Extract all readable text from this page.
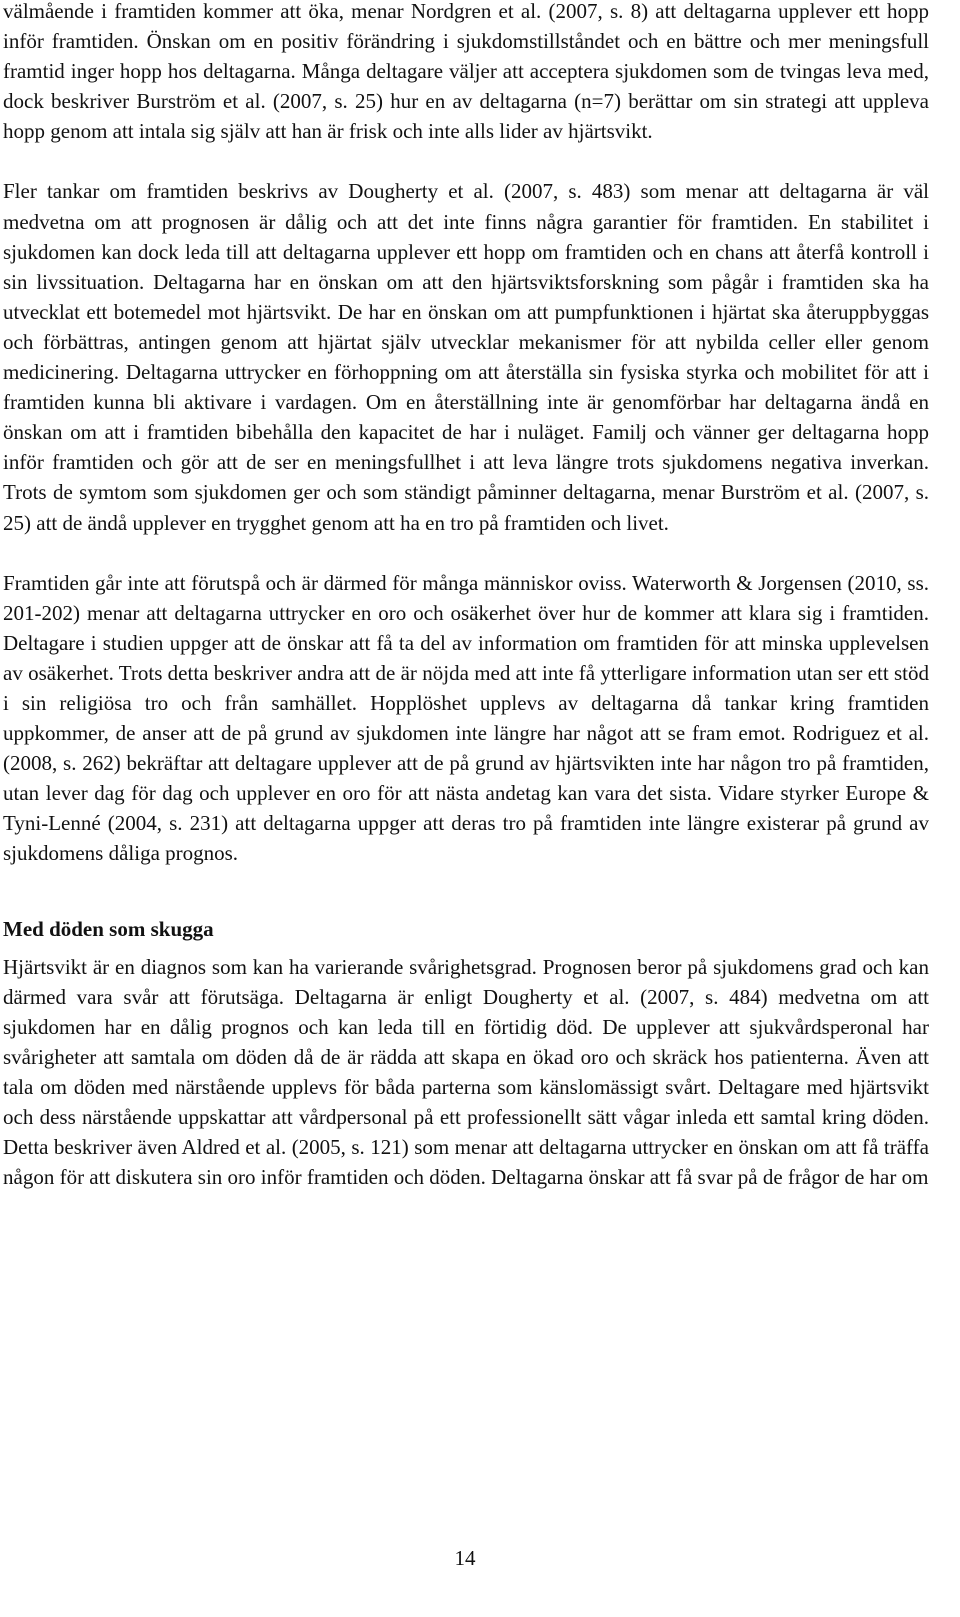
välmående i framtiden kommer att öka, menar Nordgren et al. (2007, s. 8) att deltagarna upplever ett hopp inför framtiden. Önskan om en positiv förändring i sjukdomstillståndet och en bättre och mer meningsfull framtid inger hopp hos deltagarna. Många deltagare väljer att acceptera sjukdomen som de tvingas leva med, dock beskriver Burström et al. (2007, s. 25) hur en av deltagarna (n=7) berättar om sin strategi att uppleva hopp genom att intala sig själv att han är frisk och inte alls lider av hjärtsvikt.

Fler tankar om framtiden beskrivs av Dougherty et al. (2007, s. 483) som menar att deltagarna är väl medvetna om att prognosen är dålig och att det inte finns några garantier för framtiden. En stabilitet i sjukdomen kan dock leda till att deltagarna upplever ett hopp om framtiden och en chans att återfå kontroll i sin livssituation. Deltagarna har en önskan om att den hjärtsviktsforskning som pågår i framtiden ska ha utvecklat ett botemedel mot hjärtsvikt. De har en önskan om att pumpfunktionen i hjärtat ska återuppbyggas och förbättras, antingen genom att hjärtat själv utvecklar mekanismer för att nybilda celler eller genom medicinering. Deltagarna uttrycker en förhoppning om att återställa sin fysiska styrka och mobilitet för att i framtiden kunna bli aktivare i vardagen. Om en återställning inte är genomförbar har deltagarna ändå en önskan om att i framtiden bibehålla den kapacitet de har i nuläget. Familj och vänner ger deltagarna hopp inför framtiden och gör att de ser en meningsfullhet i att leva längre trots sjukdomens negativa inverkan. Trots de symtom som sjukdomen ger och som ständigt påminner deltagarna, menar Burström et al. (2007, s. 25) att de ändå upplever en trygghet genom att ha en tro på framtiden och livet.

Framtiden går inte att förutspå och är därmed för många människor oviss. Waterworth & Jorgensen (2010, ss. 201-202) menar att deltagarna uttrycker en oro och osäkerhet över hur de kommer att klara sig i framtiden. Deltagare i studien uppger att de önskar att få ta del av information om framtiden för att minska upplevelsen av osäkerhet. Trots detta beskriver andra att de är nöjda med att inte få ytterligare information utan ser ett stöd i sin religiösa tro och från samhället. Hopplöshet upplevs av deltagarna då tankar kring framtiden uppkommer, de anser att de på grund av sjukdomen inte längre har något att se fram emot. Rodriguez et al. (2008, s. 262) bekräftar att deltagare upplever att de på grund av hjärtsvikten inte har någon tro på framtiden, utan lever dag för dag och upplever en oro för att nästa andetag kan vara det sista. Vidare styrker Europe & Tyni-Lenné (2004, s. 231) att deltagarna uppger att deras tro på framtiden inte längre existerar på grund av sjukdomens dåliga prognos.

Med döden som skugga

Hjärtsvikt är en diagnos som kan ha varierande svårighetsgrad. Prognosen beror på sjukdomens grad och kan därmed vara svår att förutsäga. Deltagarna är enligt Dougherty et al. (2007, s. 484) medvetna om att sjukdomen har en dålig prognos och kan leda till en förtidig död. De upplever att sjukvårdsperonal har svårigheter att samtala om döden då de är rädda att skapa en ökad oro och skräck hos patienterna. Även att tala om döden med närstående upplevs för båda parterna som känslomässigt svårt. Deltagare med hjärtsvikt och dess närstående uppskattar att vårdpersonal på ett professionellt sätt vågar inleda ett samtal kring döden. Detta beskriver även Aldred et al. (2005, s. 121) som menar att deltagarna uttrycker en önskan om att få träffa någon för att diskutera sin oro inför framtiden och döden. Deltagarna önskar att få svar på de frågor de har om

14
